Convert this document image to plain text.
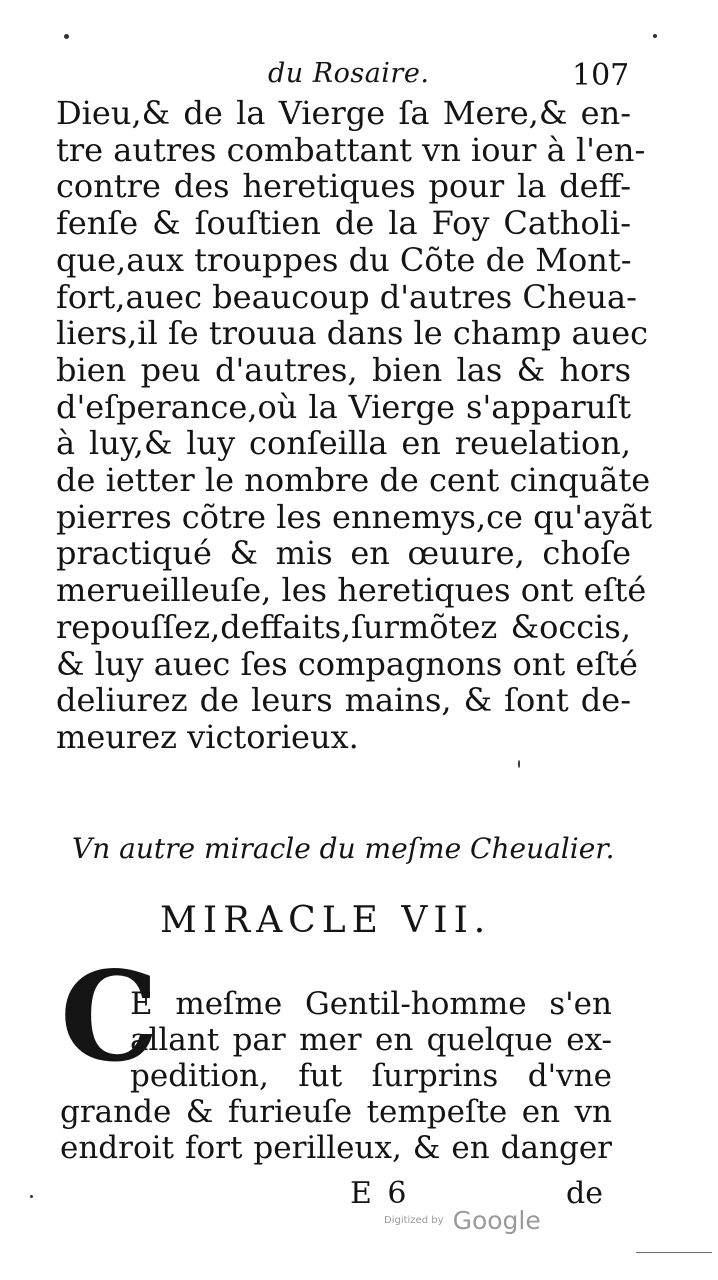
du Rosaire.	107
Dieu,& de la Vierge ſa Mere,& en-
tre autres combattant vn iour à l'en-
contre des heretiques pour la deff-
fenſe & ſouſtien de la Foy Catholi-
que,aux trouppes du Cõte de Mont-
fort,auec beaucoup d'autres Cheua-
liers,il ſe trouua dans le champ auec
bien peu d'autres, bien las & hors
d'eſperance,où la Vierge s'apparuſt
à luy,& luy conſeilla en reuelation,
de ietter le nombre de cent cinquãte
pierres cõtre les ennemys,ce qu'ayãt
practiqué & mis en œuure, choſe
merueilleuſe, les heretiques ont eſté
repouſſez,deffaits,ſurmõtez &occis,
& luy auec ſes compagnons ont eſté
deliurez de leurs mains, & ſont de-
meurez victorieux.
Vn autre miracle du meſme Cheualier.
MIRACLE VII.
C
E meſme Gentil-homme s'en
allant par mer en quelque ex-
pedition, fut ſurprins d'vne
grande & furieuſe tempeſte en vn
endroit fort perilleux, & en danger
E 6	de
Digitized by Google
